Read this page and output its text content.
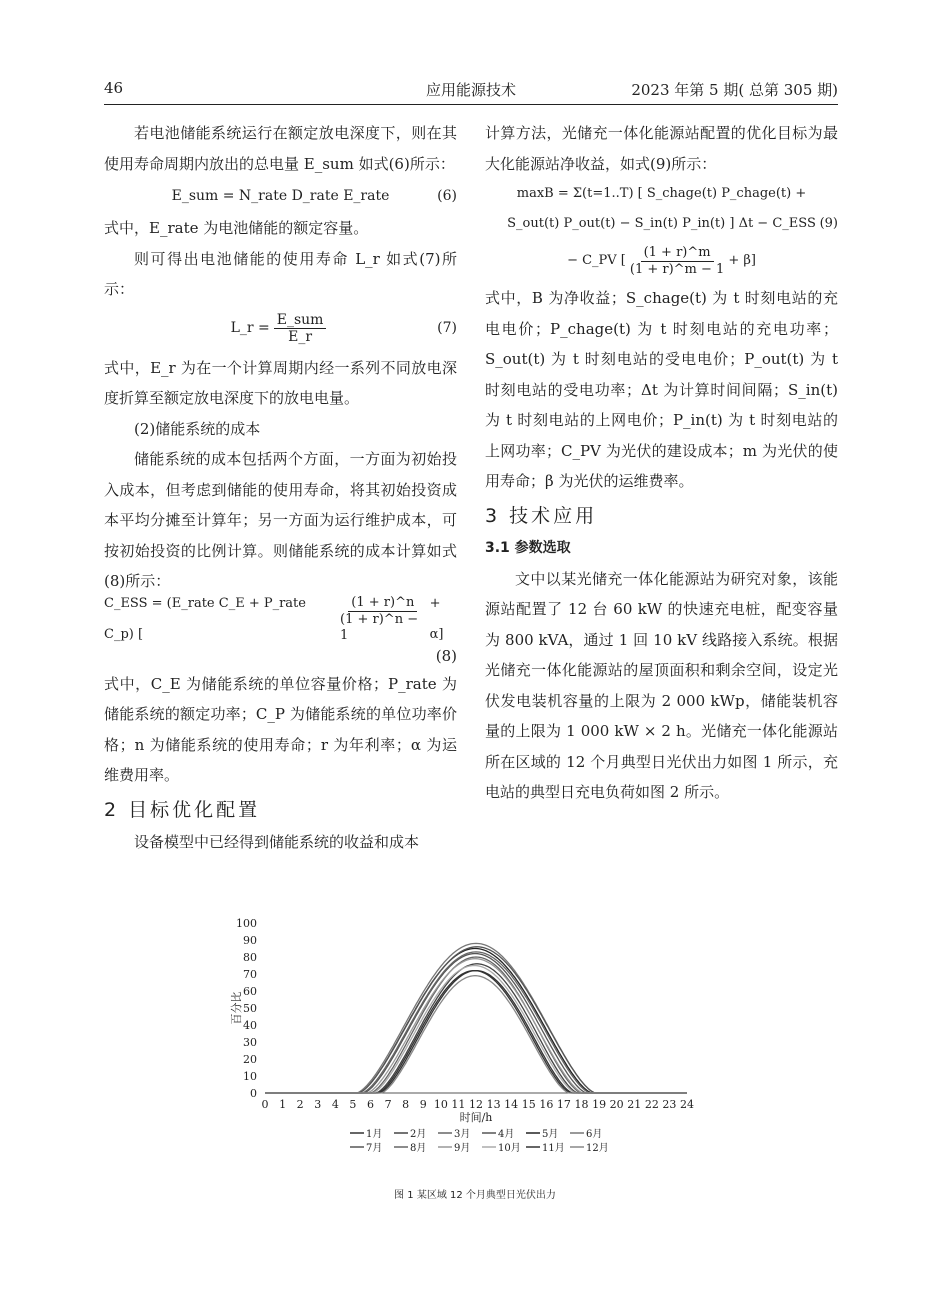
46	应用能源技术	2023 年第 5 期( 总第 305 期)

若电池储能系统运行在额定放电深度下，则在其使用寿命周期内放出的总电量 E_sum 如式(6)所示：

E_sum = N_rate D_rate E_rate	(6)

式中，E_rate 为电池储能的额定容量。

则可得出电池储能的使用寿命 L_r 如式(7)所示：

L_r = $\frac{\text{E\_sum}}{E\_r}$	(7)

式中，E_r 为在一个计算周期内经一系列不同放电深度折算至额定放电深度下的放电电量。

(2)储能系统的成本

储能系统的成本包括两个方面，一方面为初始投入成本，但考虑到储能的使用寿命，将其初始投资成本平均分摊至计算年；另一方面为运行维护成本，可按初始投资的比例计算。则储能系统的成本计算如式(8)所示：

C_ESS = (E_rate C_E + P_rate C_p) [	$\frac{(1 + r)\^{}n}{(1 + r)\^{}n - 1} + \alpha$]
(8)

式中，C_E 为储能系统的单位容量价格；P_rate 为储能系统的额定功率；C_P 为储能系统的单位功率价格；n 为储能系统的使用寿命；r 为年利率；α 为运维费用率。

2 目标优化配置

设备模型中已经得到储能系统的收益和成本

计算方法，光储充一体化能源站配置的优化目标为最大化能源站净收益，如式(9)所示：

maxB = Σ(t=1..T) [ S_chage(t) P_chage(t) +
S_out(t) P_out(t) − S_in(t) P_in(t) ] Δt − C_ESS (9)
− C_PV [ $\frac{(1 + r)\^{}m}{(1 + r)\^{}m - 1} + \beta$]

式中，B 为净收益；S_chage(t) 为 t 时刻电站的充电电价；P_chage(t) 为 t 时刻电站的充电功率；S_out(t) 为 t 时刻电站的受电电价；P_out(t) 为 t 时刻电站的受电功率；Δt 为计算时间间隔；S_in(t) 为 t 时刻电站的上网电价；P_in(t) 为 t 时刻电站的上网功率；C_PV 为光伏的建设成本；m 为光伏的使用寿命；β 为光伏的运维费率。

3 技术应用
3.1 参数选取

文中以某光储充一体化能源站为研究对象，该能源站配置了 12 台 60 kW 的快速充电桩，配变容量为 800 kVA，通过 1 回 10 kV 线路接入系统。根据光储充一体化能源站的屋顶面积和剩余空间，设定光伏发电装机容量的上限为 2 000 kWp，储能装机容量的上限为 1 000 kW × 2 h。光储充一体化能源站所在区域的 12 个月典型日光伏出力如图 1 所示，充电站的典型日充电负荷如图 2 所示。

0
10
20
30
40
50
60
70
80
90
100
0 1 2 3 4 5 6 7 8 9 10 11 12 13 14 15 16 17 18 19 20 21 22 23 24
时间/h
百分比
1月	2月	3月	4月	5月	6月
7月	8月	9月	10月 11月 12月
图 1 某区域 12 个月典型日光伏出力
